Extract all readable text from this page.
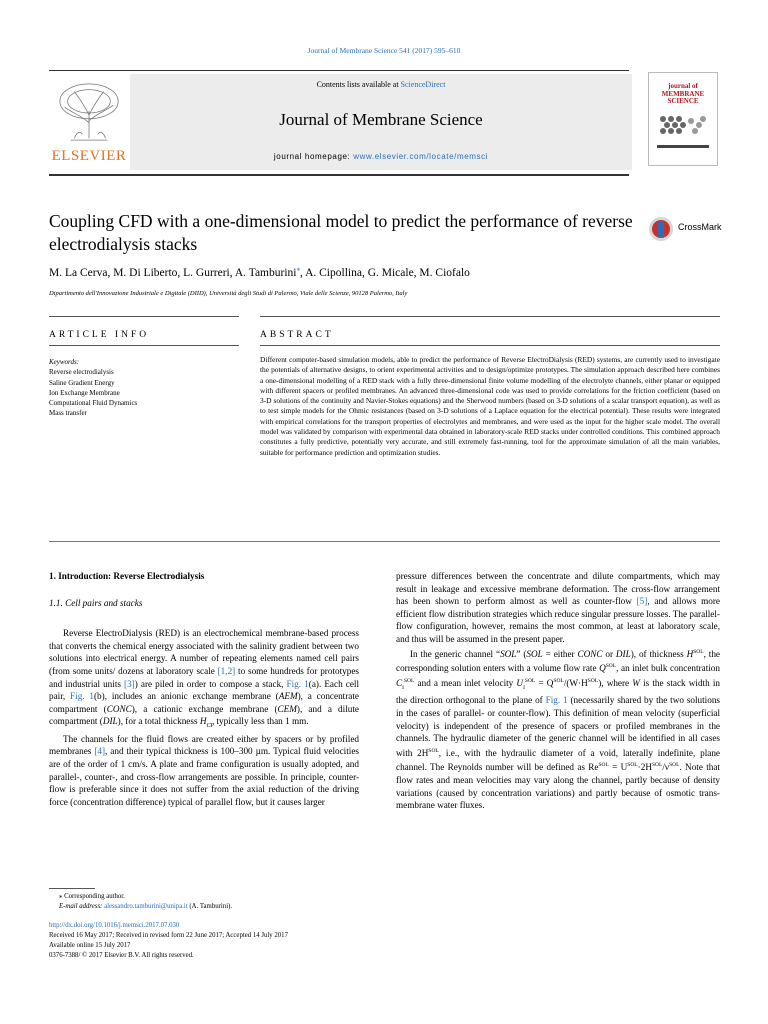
Journal of Membrane Science 541 (2017) 595–610
ELSEVIER
Contents lists available at ScienceDirect
Journal of Membrane Science
journal homepage: www.elsevier.com/locate/memsci
journal of MEMBRANE SCIENCE
Coupling CFD with a one-dimensional model to predict the performance of reverse electrodialysis stacks
CrossMark
M. La Cerva, M. Di Liberto, L. Gurreri, A. Tamburini⁎, A. Cipollina, G. Micale, M. Ciofalo
Dipartimento dell'Innovazione Industriale e Digitale (DIID), Università degli Studi di Palermo, Viale delle Scienze, 90128 Palermo, Italy
ARTICLE INFO	ABSTRACT
Keywords:
Reverse electrodialysis
Saline Gradient Energy
Ion Exchange Membrane
Computational Fluid Dynamics
Mass transfer

Different computer-based simulation models, able to predict the performance of Reverse ElectroDialysis (RED) systems, are currently used to investigate the potentials of alternative designs, to orient experimental activities and to design/optimize prototypes. The simulation approach described here combines a one-dimensional modelling of a RED stack with a fully three-dimensional finite volume modelling of the electrolyte channels, either planar or equipped with different spacers or profiled membranes. An advanced three-dimensional code was used to provide correlations for the friction coefficient (based on 3-D solutions of the continuity and Navier-Stokes equations) and the Sherwood numbers (based on 3-D solutions of a scalar transport equation), as well as to test simple models for the Ohmic resistances (based on 3-D solutions of a Laplace equation for the electrical potential). These results were integrated with empirical correlations for the transport properties of electrolytes and membranes, and were used as the input for the higher scale model. The overall model was validated by comparison with experimental data obtained in laboratory-scale RED stacks under controlled conditions. This combined approach constitutes a fully predictive, potentially very accurate, and still extremely fast-running, tool for the approximate simulation of all the main variables, suitable for performance prediction and optimization studies.

1. Introduction: Reverse Electrodialysis

1.1. Cell pairs and stacks

Reverse ElectroDialysis (RED) is an electrochemical membrane-based process that converts the chemical energy associated with the salinity gradient between two solutions into electrical energy. A number of repeating elements named cell pairs (from some units/ dozens at laboratory scale [1,2] to some hundreds for prototypes and industrial units [3]) are piled in order to compose a stack, Fig. 1(a). Each cell pair, Fig. 1(b), includes an anionic exchange membrane (AEM), a concentrate compartment (CONC), a cationic exchange membrane (CEM), and a dilute compartment (DIL), for a total thickness $H_{CP}$ typically less than 1 mm.

The channels for the fluid flows are created either by spacers or by profiled membranes [4], and their typical thickness is 100–300 µm. Typical fluid velocities are of the order of 1 cm/s. A plate and frame configuration is usually adopted, and parallel-, counter-, and cross-flow arrangements are possible. In principle, counter-flow is preferable since it does not suffer from the axial reduction of the driving force (concentration difference) typical of parallel flow, but it causes larger

pressure differences between the concentrate and dilute compartments, which may result in leakage and excessive membrane deformation. The cross-flow arrangement has been shown to perform almost as well as counter-flow [5], and allows more efficient flow distribution strategies which reduce singular pressure losses. The parallel-flow configuration, however, remains the most common, at least at laboratory scale, and thus will be assumed in the present paper.

In the generic channel “SOL” (SOL = either CONC or DIL), of thickness $H^{SOL}$, the corresponding solution enters with a volume flow rate $Q^{SOL}$, an inlet bulk concentration $C_I^{SOL}$ and a mean inlet velocity $U_I^{SOL} = Q^{SOL}/(W\cdot H^{SOL})$, where W is the stack width in the direction orthogonal to the plane of Fig. 1 (necessarily shared by the two solutions in the cases of parallel- or counter-flow). This definition of mean velocity (superficial velocity) is independent of the presence of spacers or profiled membranes in the channels. The hydraulic diameter of the generic channel will be identified in all cases with $2H^{SOL}$, i.e., with the hydraulic diameter of a void, laterally indefinite, plane channel. The Reynolds number will be defined as $Re^{SOL} = U^{SOL}\cdot 2H^{SOL}/\nu^{SOL}$. Note that flow rates and mean velocities may vary along the channel, partly because of density variations (caused by concentration variations) and partly because of osmotic trans-membrane water fluxes.

⁎ Corresponding author.
E-mail address: alessandro.tamburini@unipa.it (A. Tamburini).
http://dx.doi.org/10.1016/j.memsci.2017.07.030
Received 16 May 2017; Received in revised form 22 June 2017; Accepted 14 July 2017
Available online 15 July 2017
0376-7388/ © 2017 Elsevier B.V. All rights reserved.
